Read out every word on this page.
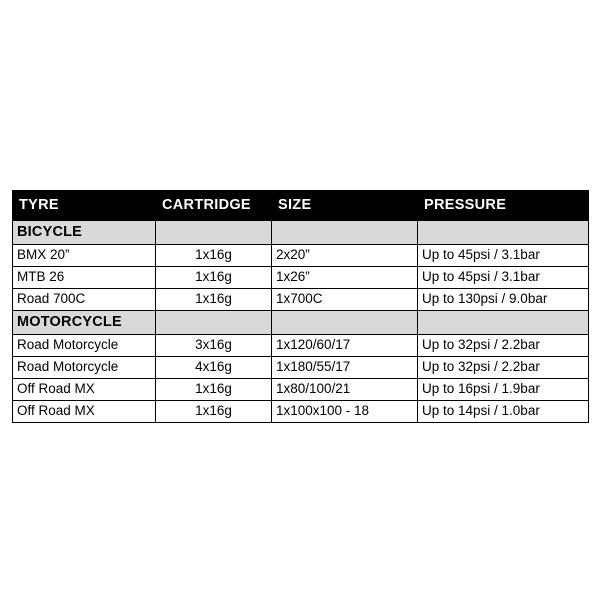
TYRE	CARTRIDGE	SIZE	PRESSURE
BICYCLE			
BMX 20”	1x16g	2x20”	Up to 45psi / 3.1bar
MTB 26	1x16g	1x26”	Up to 45psi / 3.1bar
Road 700C	1x16g	1x700C	Up to 130psi / 9.0bar
MOTORCYCLE			
Road Motorcycle	3x16g	1x120/60/17	Up to 32psi / 2.2bar
Road Motorcycle	4x16g	1x180/55/17	Up to 32psi / 2.2bar
Off Road MX	1x16g	1x80/100/21	Up to 16psi / 1.9bar
Off Road MX	1x16g	1x100x100 - 18	Up to 14psi / 1.0bar
